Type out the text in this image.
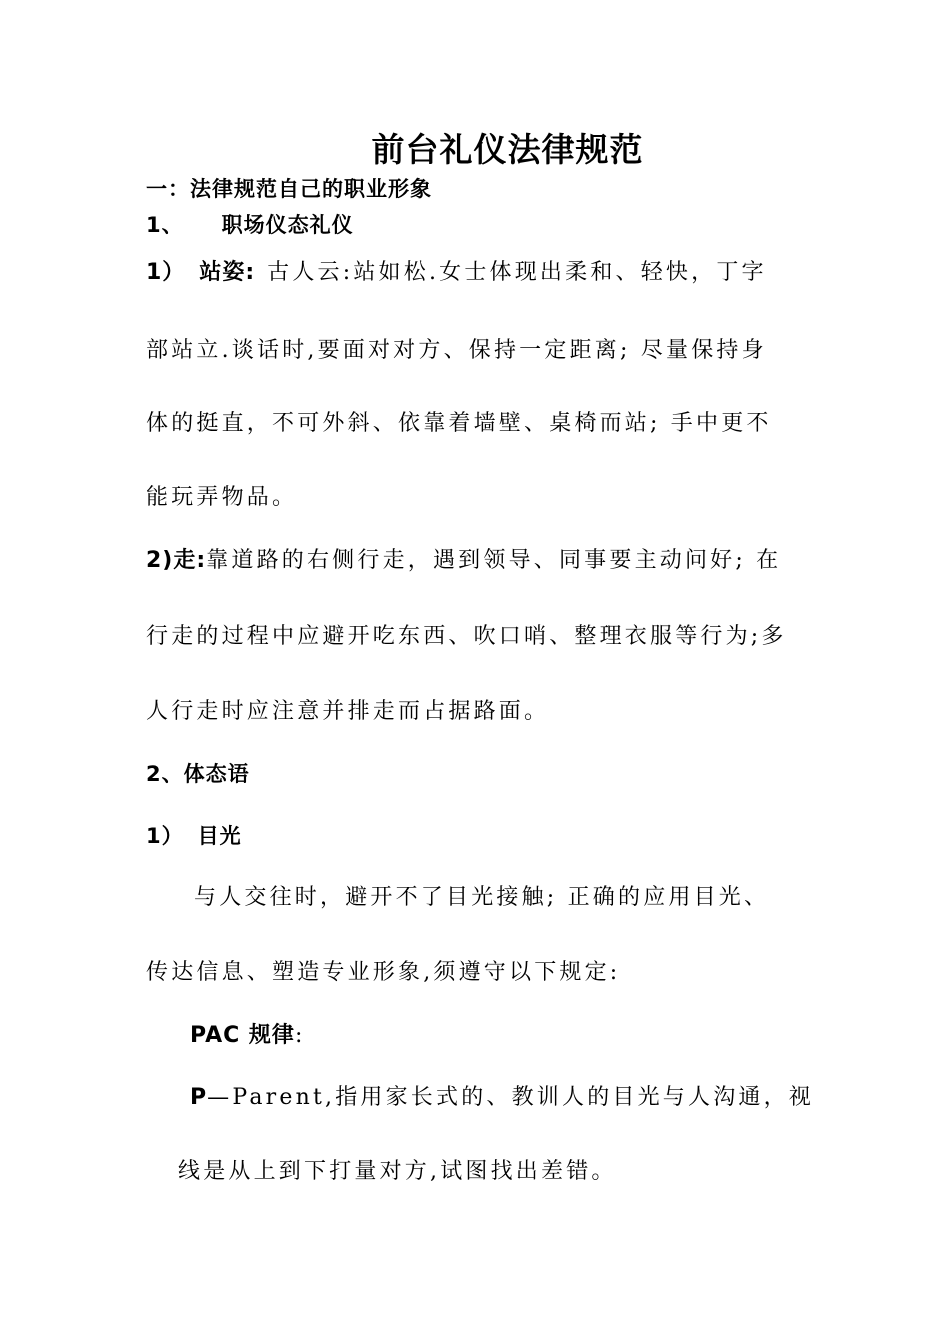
前台礼仪法律规范
一：法律规范自己的职业形象
1、 职场仪态礼仪
1） 站姿: 古人云:站如松.女士体现出柔和、轻快，丁字
部站立.谈话时,要面对对方、保持一定距离; 尽量保持身
体的挺直，不可外斜、依靠着墙壁、桌椅而站; 手中更不
能玩弄物品。
2)走:靠道路的右侧行走，遇到领导、同事要主动问好; 在
行走的过程中应避开吃东西、吹口哨、整理衣服等行为;多
人行走时应注意并排走而占据路面。
2、体态语
1） 目光
与人交往时，避开不了目光接触; 正确的应用目光、
传达信息、塑造专业形象,须遵守以下规定:
PAC 规律:
P—Parent,指用家长式的、教训人的目光与人沟通，视
线是从上到下打量对方,试图找出差错。
